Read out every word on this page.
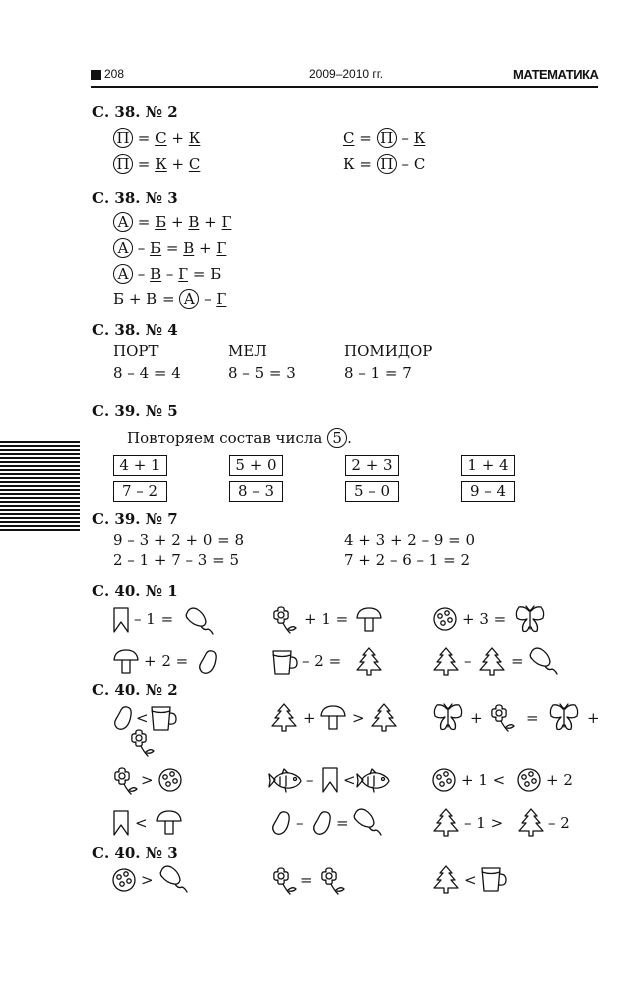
208	2009–2010 гг.	МАТЕМАТИКА
С. 38. № 2
П = С + К
П = К + С
С = П – К
К = П – С
С. 38. № 3
А = Б + В + Г
А – Б = В + Г
А – В – Г = Б
Б + В = А – Г
С. 38. № 4
ПОРТ	МЕЛ	ПОМИДОР
8 – 4 = 4	8 – 5 = 3	8 – 1 = 7
С. 39. № 5
Повторяем состав числа 5 .
4 + 1	5 + 0	2 + 3	1 + 4
7 – 2	8 – 3	5 – 0	9 – 4
С. 39. № 7
9 – 3 + 2 + 0 = 8	4 + 3 + 2 – 9 = 0
2 – 1 + 7 – 3 = 5	7 + 2 – 6 – 1 = 2
С. 40. № 1
– 1 =	+ 1 =	+ 3 =
+ 2 =	– 2 =	–	=
С. 40. № 2
<	+ >	+	=	+
>	– <	+ 1 <	+ 2
<	– =	– 1 >	– 2
С. 40. № 3
>	=	<
